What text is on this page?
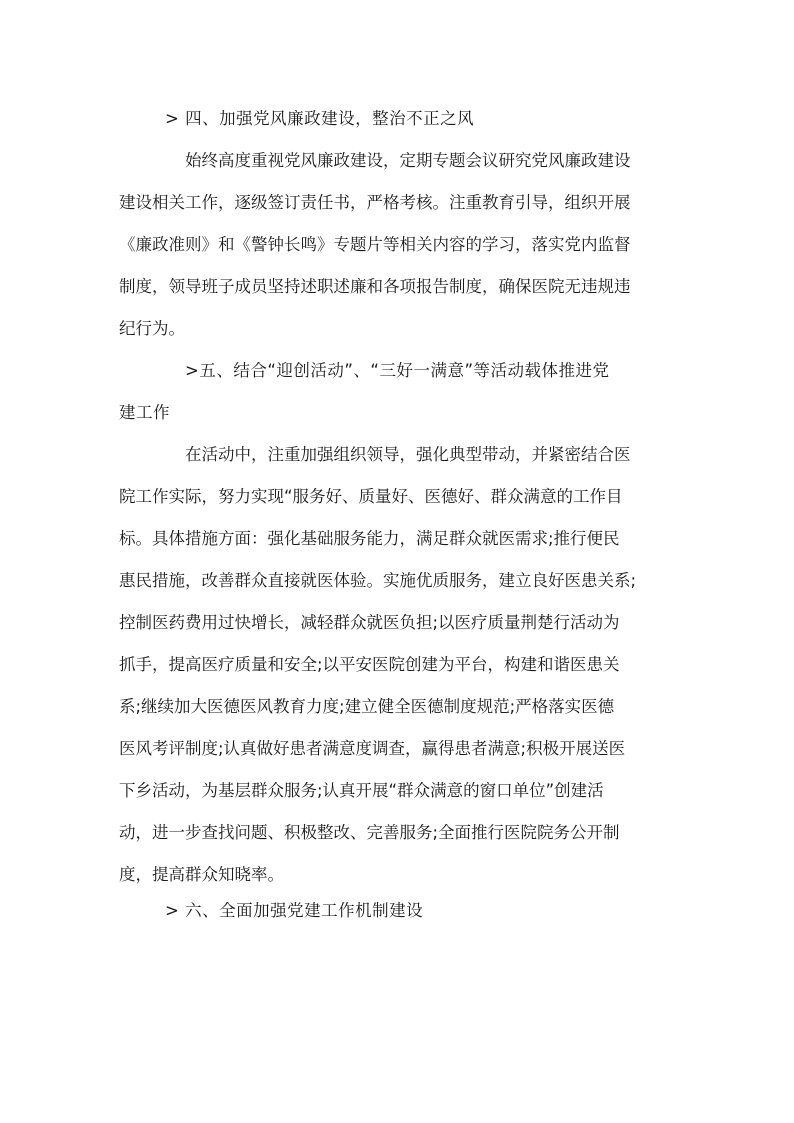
> 四、加强党风廉政建设，整治不正之风
始终高度重视党风廉政建设，定期专题会议研究党风廉政建设
建设相关工作，逐级签订责任书，严格考核。注重教育引导，组织开展
《廉政准则》和《警钟长鸣》专题片等相关内容的学习，落实党内监督
制度，领导班子成员坚持述职述廉和各项报告制度，确保医院无违规违
纪行为。
>五、结合“迎创活动”、“三好一满意”等活动载体推进党
建工作
在活动中，注重加强组织领导，强化典型带动，并紧密结合医
院工作实际，努力实现“服务好、质量好、医德好、群众满意的工作目
标。具体措施方面：强化基础服务能力，满足群众就医需求;推行便民
惠民措施，改善群众直接就医体验。实施优质服务，建立良好医患关系;
控制医药费用过快增长，减轻群众就医负担;以医疗质量荆楚行活动为
抓手，提高医疗质量和安全;以平安医院创建为平台，构建和谐医患关
系;继续加大医德医风教育力度;建立健全医德制度规范;严格落实医德
医风考评制度;认真做好患者满意度调查，赢得患者满意;积极开展送医
下乡活动，为基层群众服务;认真开展“群众满意的窗口单位”创建活
动，进一步查找问题、积极整改、完善服务;全面推行医院院务公开制
度，提高群众知晓率。
> 六、全面加强党建工作机制建设
